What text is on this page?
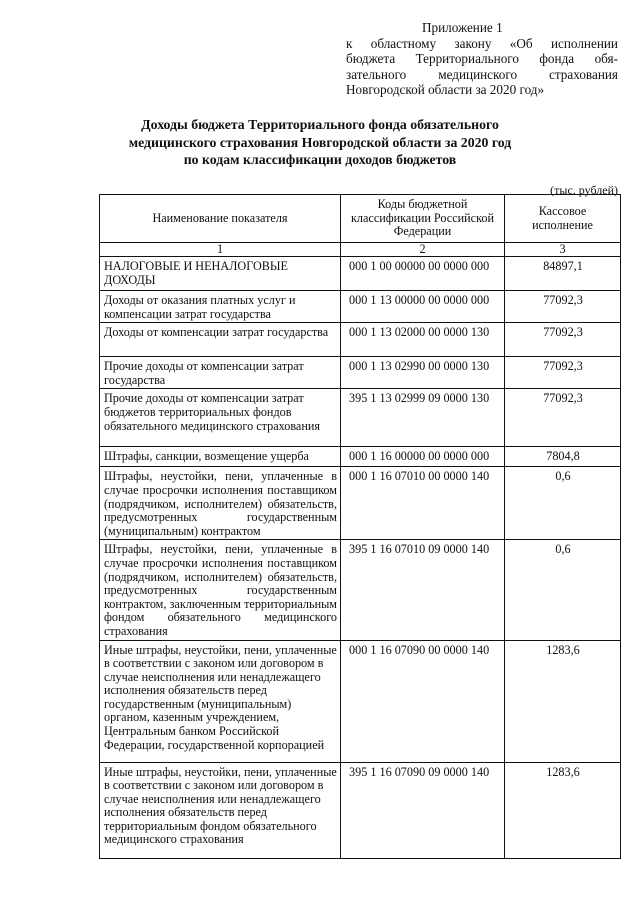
Приложение 1
к областному закону «Об исполнении
бюджета Территориального фонда обя-
зательного медицинского страхования
Новгородской области за 2020 год»
Доходы бюджета Территориального фонда обязательного
медицинского страхования Новгородской области за 2020 год
по кодам классификации доходов бюджетов
(тыс. рублей)
Наименование показателя	Коды бюджетной классификации Российской Федерации	Кассовое исполнение
1	2	3
НАЛОГОВЫЕ И НЕНАЛОГОВЫЕ ДОХОДЫ	000 1 00 00000 00 0000 000	84897,1
Доходы от оказания платных услуг и компенсации затрат государства	000 1 13 00000 00 0000 000	77092,3
Доходы от компенсации затрат государства	000 1 13 02000 00 0000 130	77092,3
Прочие доходы от компенсации затрат государства	000 1 13 02990 00 0000 130	77092,3
Прочие доходы от компенсации затрат бюджетов территориальных фондов обязательного медицинского страхования	395 1 13 02999 09 0000 130	77092,3
Штрафы, санкции, возмещение ущерба	000 1 16 00000 00 0000 000	7804,8
Штрафы, неустойки, пени, уплаченные в случае просрочки исполнения поставщиком (подрядчиком, исполнителем) обязательств, предусмотренных государственным (муниципальным) контрактом	000 1 16 07010 00 0000 140	0,6
Штрафы, неустойки, пени, уплаченные в случае просрочки исполнения поставщиком (подрядчиком, исполнителем) обязательств, предусмотренных государственным контрактом, заключенным территориальным фондом обязательного медицинского страхования	395 1 16 07010 09 0000 140	0,6
Иные штрафы, неустойки, пени, уплаченные в соответствии с законом или договором в случае неисполнения или ненадлежащего исполнения обязательств перед государственным (муниципальным) органом, казенным учреждением, Центральным банком Российской Федерации, государственной корпорацией	000 1 16 07090 00 0000 140	1283,6
Иные штрафы, неустойки, пени, уплаченные в соответствии с законом или договором в случае неисполнения или ненадлежащего исполнения обязательств перед территориальным фондом обязательного медицинского страхования	395 1 16 07090 09 0000 140	1283,6
